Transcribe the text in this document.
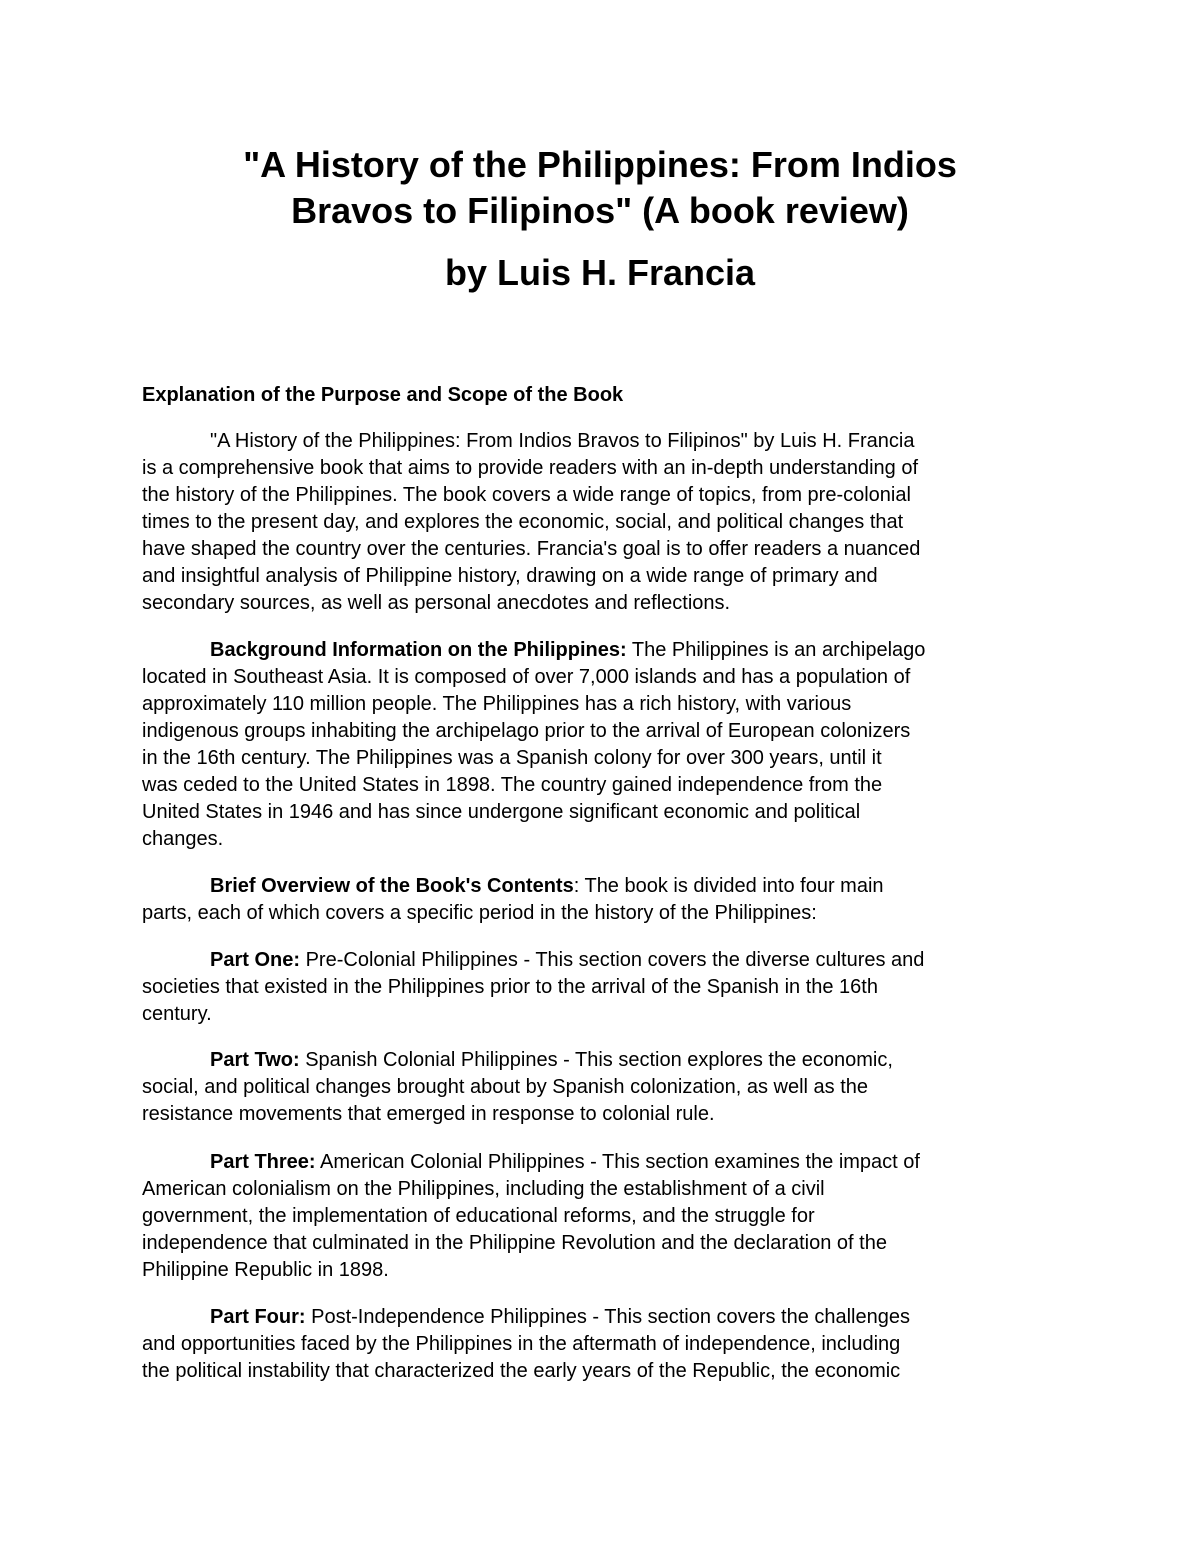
"A History of the Philippines: From Indios
Bravos to Filipinos" (A book review)
by Luis H. Francia
Explanation of the Purpose and Scope of the Book

"A History of the Philippines: From Indios Bravos to Filipinos" by Luis H. Francia
is a comprehensive book that aims to provide readers with an in-depth understanding of
the history of the Philippines. The book covers a wide range of topics, from pre-colonial
times to the present day, and explores the economic, social, and political changes that
have shaped the country over the centuries. Francia's goal is to offer readers a nuanced
and insightful analysis of Philippine history, drawing on a wide range of primary and
secondary sources, as well as personal anecdotes and reflections.

Background Information on the Philippines: The Philippines is an archipelago
located in Southeast Asia. It is composed of over 7,000 islands and has a population of
approximately 110 million people. The Philippines has a rich history, with various
indigenous groups inhabiting the archipelago prior to the arrival of European colonizers
in the 16th century. The Philippines was a Spanish colony for over 300 years, until it
was ceded to the United States in 1898. The country gained independence from the
United States in 1946 and has since undergone significant economic and political
changes.

Brief Overview of the Book's Contents: The book is divided into four main
parts, each of which covers a specific period in the history of the Philippines:

Part One: Pre-Colonial Philippines - This section covers the diverse cultures and
societies that existed in the Philippines prior to the arrival of the Spanish in the 16th
century.

Part Two: Spanish Colonial Philippines - This section explores the economic,
social, and political changes brought about by Spanish colonization, as well as the
resistance movements that emerged in response to colonial rule.

Part Three: American Colonial Philippines - This section examines the impact of
American colonialism on the Philippines, including the establishment of a civil
government, the implementation of educational reforms, and the struggle for
independence that culminated in the Philippine Revolution and the declaration of the
Philippine Republic in 1898.

Part Four: Post-Independence Philippines - This section covers the challenges
and opportunities faced by the Philippines in the aftermath of independence, including
the political instability that characterized the early years of the Republic, the economic
